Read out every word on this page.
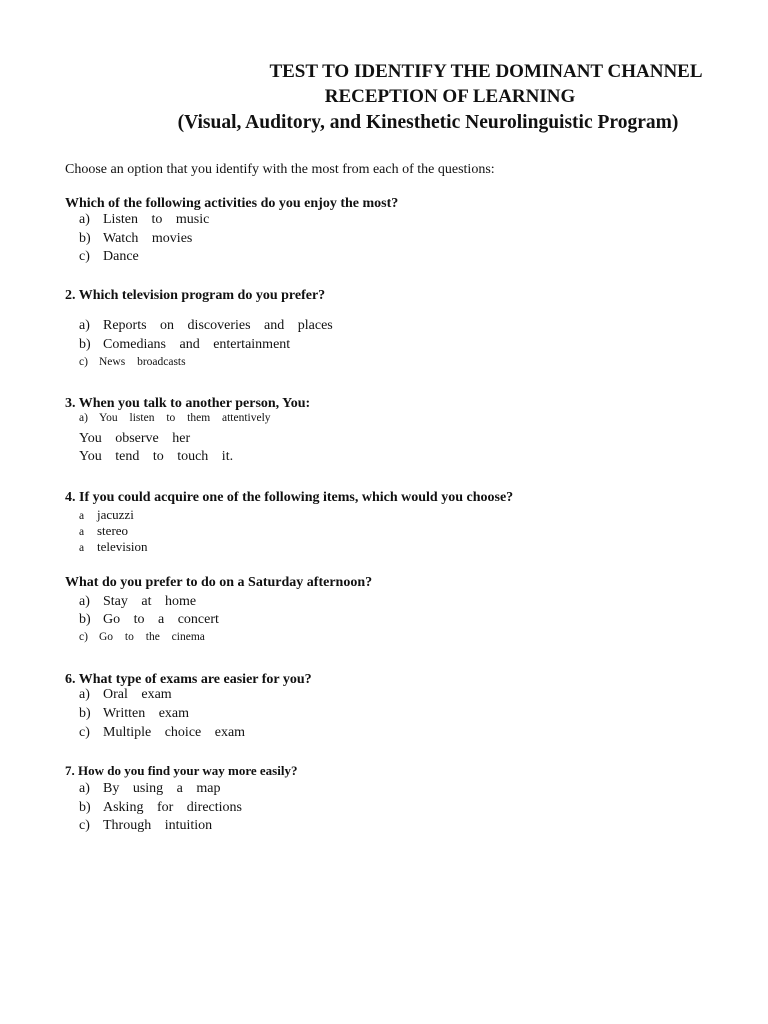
TEST TO IDENTIFY THE DOMINANT CHANNEL
RECEPTION OF LEARNING
(Visual, Auditory, and Kinesthetic Neurolinguistic Program)
Choose an option that you identify with the most from each of the questions:
Which of the following activities do you enjoy the most?
a) Listen to music
b) Watch movies
c) Dance
2. Which television program do you prefer?
a) Reports on discoveries and places
b) Comedians and entertainment
c) News broadcasts
3. When you talk to another person, You:
a) You listen to them attentively
You observe her
You tend to touch it.
4. If you could acquire one of the following items, which would you choose?
a jacuzzi
a stereo
a television
What do you prefer to do on a Saturday afternoon?
a) Stay at home
b) Go to a concert
c) Go to the cinema
6. What type of exams are easier for you?
a) Oral exam
b) Written exam
c) Multiple choice exam
7. How do you find your way more easily?
a) By using a map
b) Asking for directions
c) Through intuition
